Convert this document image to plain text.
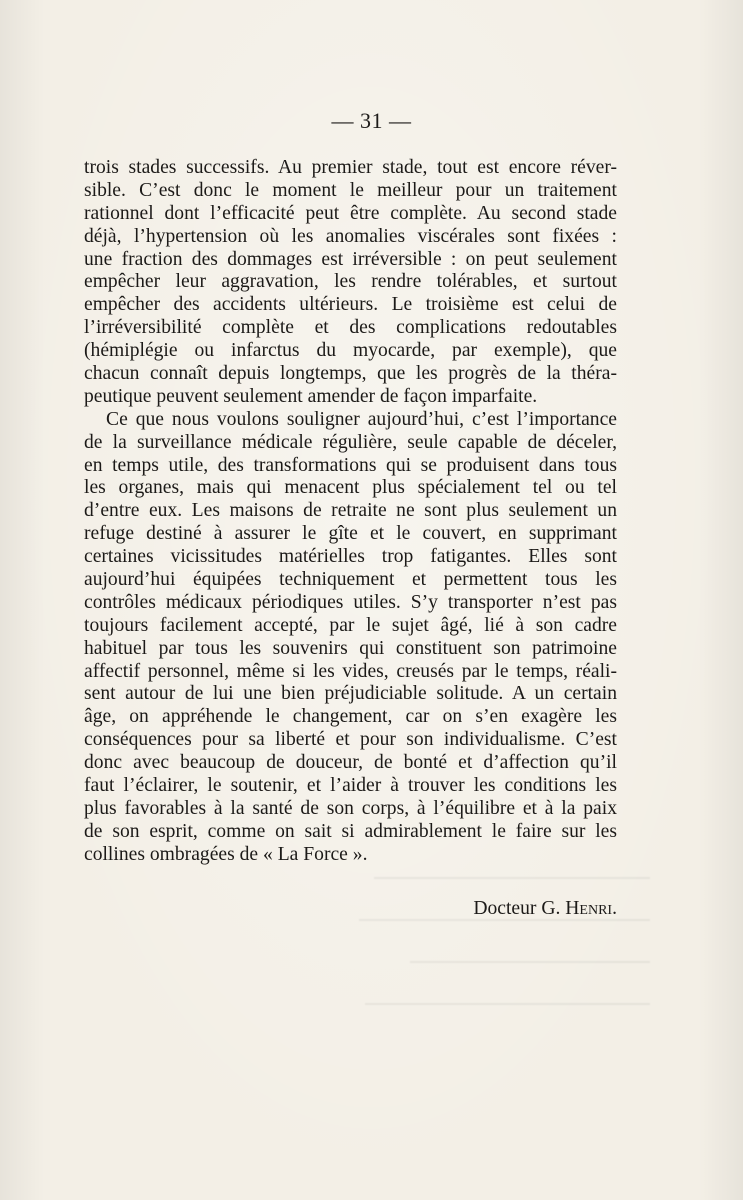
— 31 —
trois stades successifs. Au premier stade, tout est encore réver-
sible. C’est donc le moment le meilleur pour un traitement
rationnel dont l’efficacité peut être complète. Au second stade
déjà, l’hypertension où les anomalies viscérales sont fixées :
une fraction des dommages est irréversible : on peut seulement
empêcher leur aggravation, les rendre tolérables, et surtout
empêcher des accidents ultérieurs. Le troisième est celui de
l’irréversibilité complète et des complications redoutables
(hémiplégie ou infarctus du myocarde, par exemple), que
chacun connaît depuis longtemps, que les progrès de la théra-
peutique peuvent seulement amender de façon imparfaite.
Ce que nous voulons souligner aujourd’hui, c’est l’importance
de la surveillance médicale régulière, seule capable de déceler,
en temps utile, des transformations qui se produisent dans tous
les organes, mais qui menacent plus spécialement tel ou tel
d’entre eux. Les maisons de retraite ne sont plus seulement un
refuge destiné à assurer le gîte et le couvert, en supprimant
certaines vicissitudes matérielles trop fatigantes. Elles sont
aujourd’hui équipées techniquement et permettent tous les
contrôles médicaux périodiques utiles. S’y transporter n’est pas
toujours facilement accepté, par le sujet âgé, lié à son cadre
habituel par tous les souvenirs qui constituent son patrimoine
affectif personnel, même si les vides, creusés par le temps, réali-
sent autour de lui une bien préjudiciable solitude. A un certain
âge, on appréhende le changement, car on s’en exagère les
conséquences pour sa liberté et pour son individualisme. C’est
donc avec beaucoup de douceur, de bonté et d’affection qu’il
faut l’éclairer, le soutenir, et l’aider à trouver les conditions les
plus favorables à la santé de son corps, à l’équilibre et à la paix
de son esprit, comme on sait si admirablement le faire sur les
collines ombragées de « La Force ».
Docteur G. Henri.
